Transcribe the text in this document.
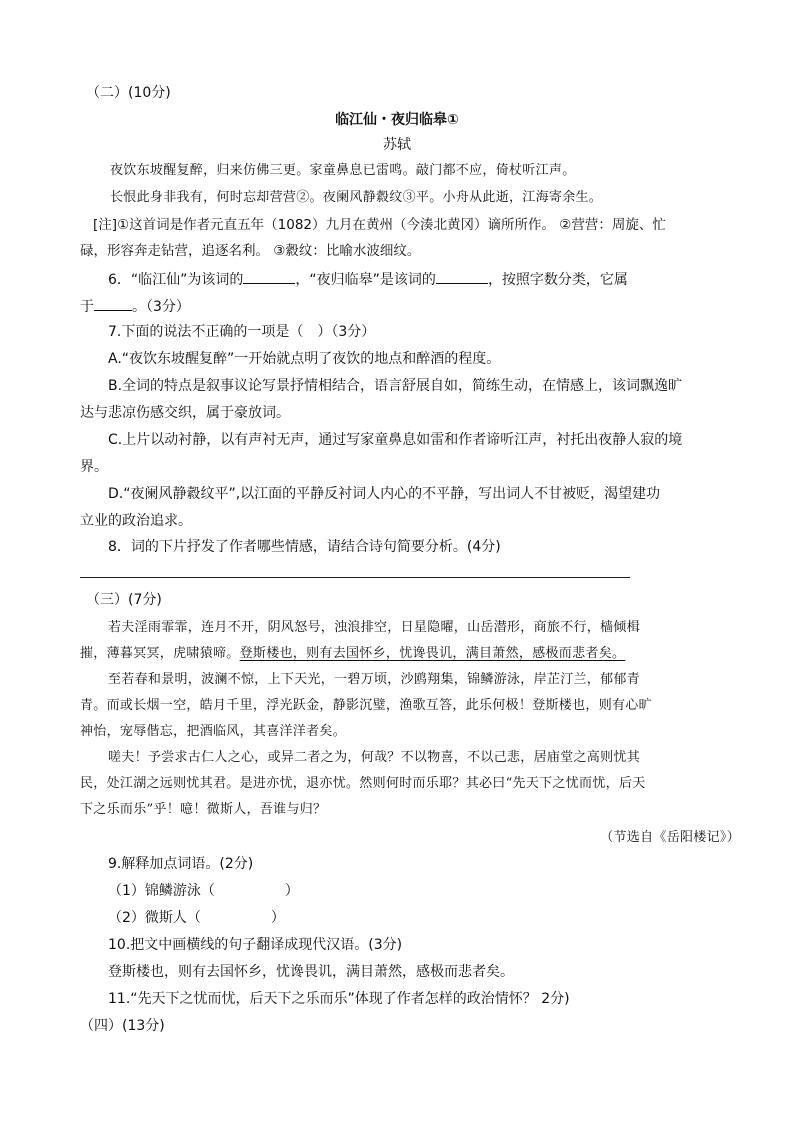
（二）(10分)
临江仙・夜归临皋①
苏轼
夜饮东坡醒复醉，归来仿佛三更。家童鼻息已雷鸣。敲门都不应，倚杖听江声。
长恨此身非我有，何时忘却营营②。夜阑风静縠纹③平。小舟从此逝，江海寄余生。
[注]①这首词是作者元直五年（1082）九月在黄州（今湊北黄冈）谪所所作。 ②营营：周旋、忙
碌，形容奔走钻营，追逐名利。 ③縠纹：比喻水波细纹。
6．“临江仙”为该词的	，“夜归临皋”是该词的	，按照字数分类，它属
于	。（3分）
7.下面的说法不正确的一项是（　）（3分）
A.“夜饮东坡醒复醉”一开始就点明了夜饮的地点和醉酒的程度。
B.全词的特点是叙事议论写景抒情相结合，语言舒展自如，简练生动，在情感上，该词飘逸旷
达与悲凉伤感交织，属于豪放词。
C.上片以动衬静，以有声衬无声，通过写家童鼻息如雷和作者谛听江声，衬托出夜静人寂的境
界。
D.“夜阑风静縠纹平”,以江面的平静反衬词人内心的不平静，写出词人不甘被贬，渴望建功
立业的政治追求。
8．词的下片抒发了作者哪些情感，请结合诗句简要分析。(4分)
（三）(7分)
若夫淫雨霏霏，连月不开，阴风怒号，浊浪排空，日星隐曜，山岳潜形，商旅不行，樯倾楫
摧，薄暮冥冥，虎啸猿啼。登斯楼也，则有去国怀乡，忧谗畏讥，满目萧然，感极而悲者矣。
至若春和景明，波澜不惊，上下天光，一碧万顷，沙鸥翔集，锦鳞游泳，岸芷汀兰，郁郁青
青。而或长烟一空，皓月千里，浮光跃金，静影沉璧，渔歌互答，此乐何极！登斯楼也，则有心旷
神怡，宠辱偕忘，把酒临风，其喜洋洋者矣。
嗟夫！予尝求古仁人之心，或异二者之为，何哉？不以物喜，不以己悲，居庙堂之高则忧其
民，处江湖之远则忧其君。是进亦忧，退亦忧。然则何时而乐耶？其必曰“先天下之忧而忧，后天
下之乐而乐”乎！噫！微斯人，吾谁与归？
（节选自《岳阳楼记》）
9.解释加点词语。(2分)
（1）锦鳞游泳（　　　　　）
（2）微斯人（　　　　　）
10.把文中画横线的句子翻译成现代汉语。(3分)
登斯楼也，则有去国怀乡，忧谗畏讥，满目萧然，感极而悲者矣。
11.“先天下之忧而忧，后天下之乐而乐”体现了作者怎样的政治情怀？ 2分)
（四）(13分)
